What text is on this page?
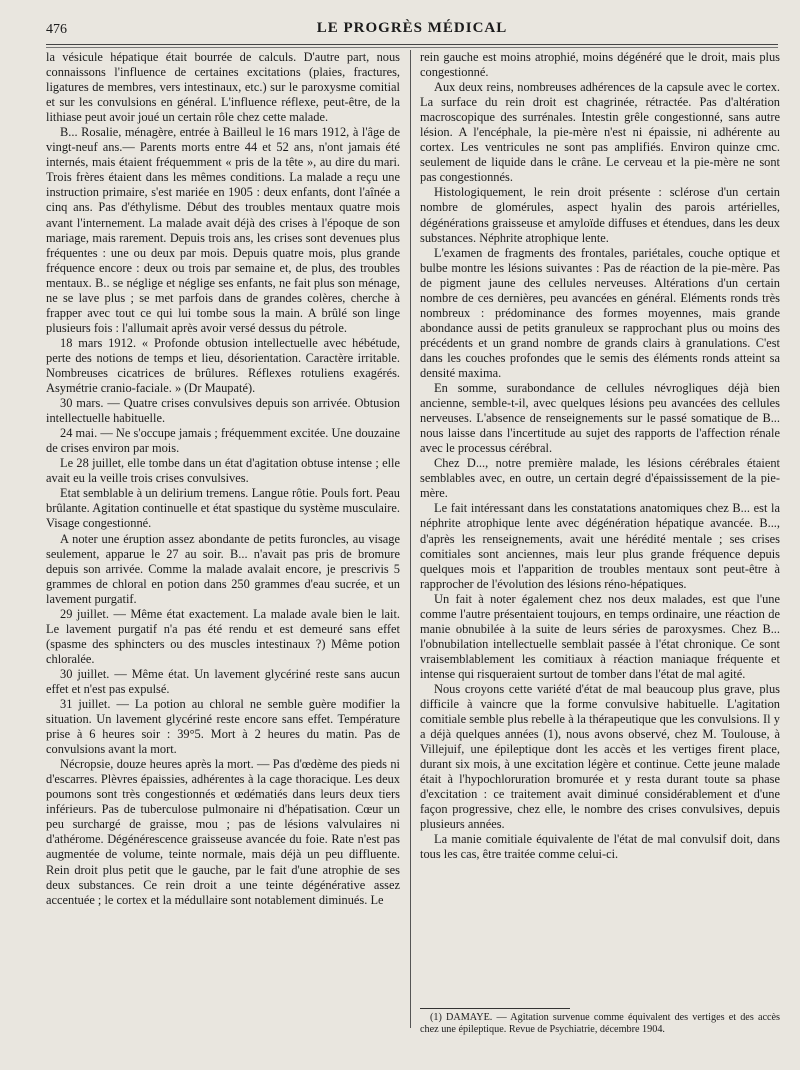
476	LE PROGRÈS MÉDICAL

la vésicule hépatique était bourrée de calculs. D'autre part, nous connaissons l'influence de certaines excitations (plaies, fractures, ligatures de membres, vers intestinaux, etc.) sur le paroxysme comitial et sur les convulsions en général. L'influence réflexe, peut-être, de la lithiase peut avoir joué un certain rôle chez cette malade.

B... Rosalie, ménagère, entrée à Bailleul le 16 mars 1912, à l'âge de vingt-neuf ans.— Parents morts entre 44 et 52 ans, n'ont jamais été internés, mais étaient fréquemment « pris de la tête », au dire du mari. Trois frères étaient dans les mêmes conditions. La malade a reçu une instruction primaire, s'est mariée en 1905 : deux enfants, dont l'aînée a cinq ans. Pas d'éthylisme. Début des troubles mentaux quatre mois avant l'internement. La malade avait déjà des crises à l'époque de son mariage, mais rarement. Depuis trois ans, les crises sont devenues plus fréquentes : une ou deux par mois. Depuis quatre mois, plus grande fréquence encore : deux ou trois par semaine et, de plus, des troubles mentaux. B.. se néglige et néglige ses enfants, ne fait plus son ménage, ne se lave plus ; se met parfois dans de grandes colères, cherche à frapper avec tout ce qui lui tombe sous la main. A brûlé son linge plusieurs fois : l'allumait après avoir versé dessus du pétrole.

18 mars 1912. « Profonde obtusion intellectuelle avec hébétude, perte des notions de temps et lieu, désorientation. Caractère irritable. Nombreuses cicatrices de brûlures. Réflexes rotuliens exagérés. Asymétrie cranio-faciale. » (Dr Maupaté).

30 mars. — Quatre crises convulsives depuis son arrivée. Obtusion intellectuelle habituelle.

24 mai. — Ne s'occupe jamais ; fréquemment excitée. Une douzaine de crises environ par mois.

Le 28 juillet, elle tombe dans un état d'agitation obtuse intense ; elle avait eu la veille trois crises convulsives.

Etat semblable à un delirium tremens. Langue rôtie. Pouls fort. Peau brûlante. Agitation continuelle et état spastique du système musculaire. Visage congestionné.

A noter une éruption assez abondante de petits furoncles, au visage seulement, apparue le 27 au soir. B... n'avait pas pris de bromure depuis son arrivée. Comme la malade avalait encore, je prescrivis 5 grammes de chloral en potion dans 250 grammes d'eau sucrée, et un lavement purgatif.

29 juillet. — Même état exactement. La malade avale bien le lait. Le lavement purgatif n'a pas été rendu et est demeuré sans effet (spasme des sphincters ou des muscles intestinaux ?) Même potion chloralée.

30 juillet. — Même état. Un lavement glycériné reste sans aucun effet et n'est pas expulsé.

31 juillet. — La potion au chloral ne semble guère modifier la situation. Un lavement glycériné reste encore sans effet. Température prise à 6 heures soir : 39°5. Mort à 2 heures du matin. Pas de convulsions avant la mort.

Nécropsie, douze heures après la mort. — Pas d'œdème des pieds ni d'escarres. Plèvres épaissies, adhérentes à la cage thoracique. Les deux poumons sont très congestionnés et œdématiés dans leurs deux tiers inférieurs. Pas de tuberculose pulmonaire ni d'hépatisation. Cœur un peu surchargé de graisse, mou ; pas de lésions valvulaires ni d'athérome. Dégénérescence graisseuse avancée du foie. Rate n'est pas augmentée de volume, teinte normale, mais déjà un peu diffluente. Rein droit plus petit que le gauche, par le fait d'une atrophie de ses deux substances. Ce rein droit a une teinte dégénérative assez accentuée ; le cortex et la médullaire sont notablement diminués. Le

rein gauche est moins atrophié, moins dégénéré que le droit, mais plus congestionné.

Aux deux reins, nombreuses adhérences de la capsule avec le cortex. La surface du rein droit est chagrinée, rétractée. Pas d'altération macroscopique des surrénales. Intestin grêle congestionné, sans autre lésion. A l'encéphale, la pie-mère n'est ni épaissie, ni adhérente au cortex. Les ventricules ne sont pas amplifiés. Environ quinze cmc. seulement de liquide dans le crâne. Le cerveau et la pie-mère ne sont pas congestionnés.

Histologiquement, le rein droit présente : sclérose d'un certain nombre de glomérules, aspect hyalin des parois artérielles, dégénérations graisseuse et amyloïde diffuses et étendues, dans les deux substances. Néphrite atrophique lente.

L'examen de fragments des frontales, pariétales, couche optique et bulbe montre les lésions suivantes : Pas de réaction de la pie-mère. Pas de pigment jaune des cellules nerveuses. Altérations d'un certain nombre de ces dernières, peu avancées en général. Eléments ronds très nombreux : prédominance des formes moyennes, mais grande abondance aussi de petits granuleux se rapprochant plus ou moins des précédents et un grand nombre de grands clairs à granulations. C'est dans les couches profondes que le semis des éléments ronds atteint sa densité maxima.

En somme, surabondance de cellules névrogliques déjà bien ancienne, semble-t-il, avec quelques lésions peu avancées des cellules nerveuses. L'absence de renseignements sur le passé somatique de B... nous laisse dans l'incertitude au sujet des rapports de l'affection rénale avec le processus cérébral.

Chez D..., notre première malade, les lésions cérébrales étaient semblables avec, en outre, un certain degré d'épaississement de la pie-mère.

Le fait intéressant dans les constatations anatomiques chez B... est la néphrite atrophique lente avec dégénération hépatique avancée. B..., d'après les renseignements, avait une hérédité mentale ; ses crises comitiales sont anciennes, mais leur plus grande fréquence depuis quelques mois et l'apparition de troubles mentaux sont peut-être à rapprocher de l'évolution des lésions réno-hépatiques.

Un fait à noter également chez nos deux malades, est que l'une comme l'autre présentaient toujours, en temps ordinaire, une réaction de manie obnubilée à la suite de leurs séries de paroxysmes. Chez B... l'obnubilation intellectuelle semblait passée à l'état chronique. Ce sont vraisemblablement les comitiaux à réaction maniaque fréquente et intense qui risqueraient surtout de tomber dans l'état de mal agité.

Nous croyons cette variété d'état de mal beaucoup plus grave, plus difficile à vaincre que la forme convulsive habituelle. L'agitation comitiale semble plus rebelle à la thérapeutique que les convulsions. Il y a déjà quelques années (1), nous avons observé, chez M. Toulouse, à Villejuif, une épileptique dont les accès et les vertiges firent place, durant six mois, à une excitation légère et continue. Cette jeune malade était à l'hypochloruration bromurée et y resta durant toute sa phase d'excitation : ce traitement avait diminué considérablement et d'une façon progressive, chez elle, le nombre des crises convulsives, depuis plusieurs années.

La manie comitiale équivalente de l'état de mal convulsif doit, dans tous les cas, être traitée comme celui-ci.

(1) DAMAYE. — Agitation survenue comme équivalent des vertiges et des accès chez une épileptique. Revue de Psychiatrie, décembre 1904.
